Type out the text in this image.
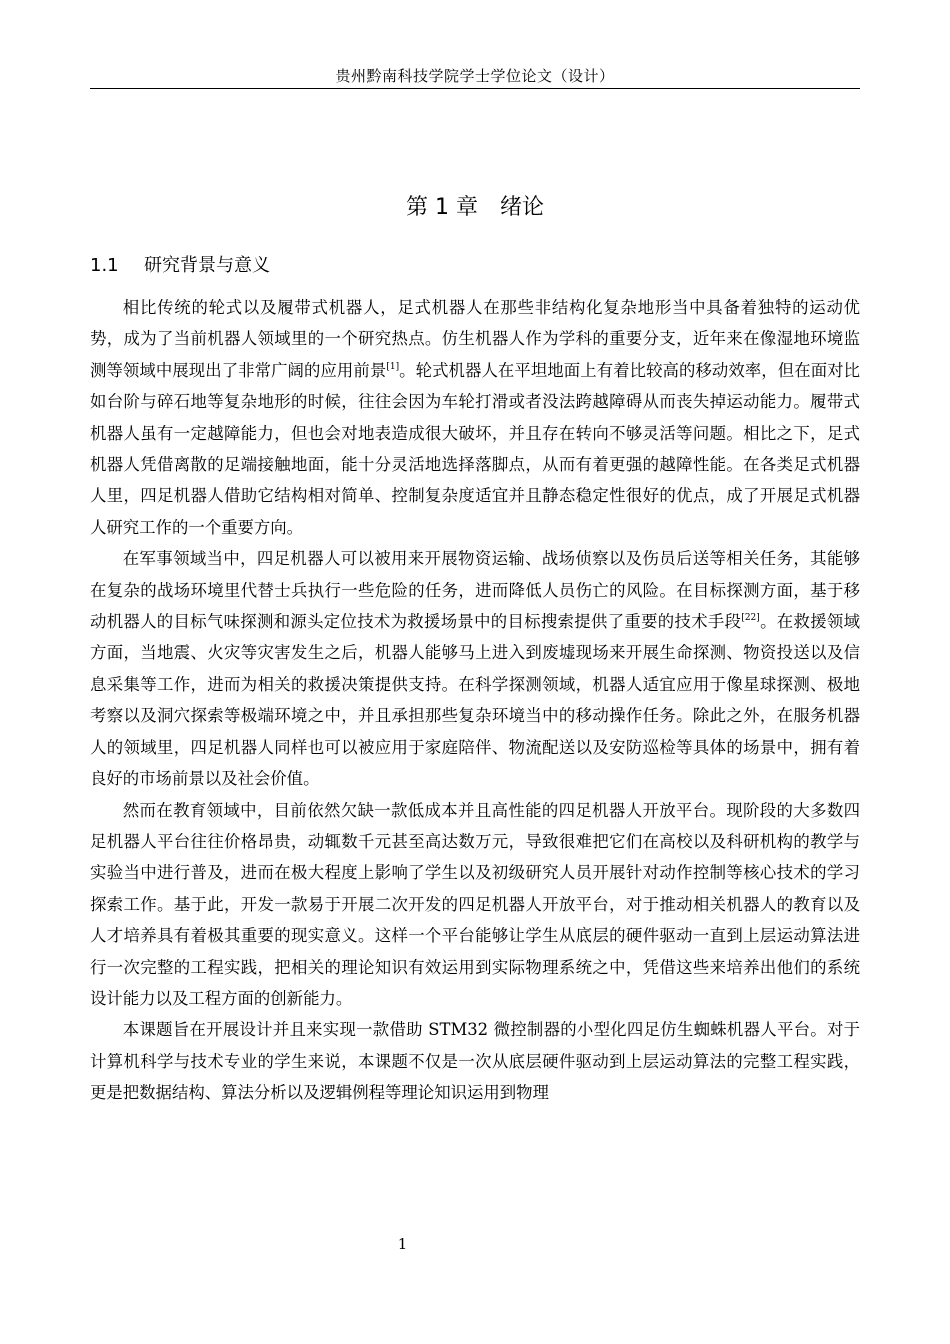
贵州黔南科技学院学士学位论文（设计）
第 1 章 绪论
1.1 研究背景与意义

相比传统的轮式以及履带式机器人，足式机器人在那些非结构化复杂地形当中具备着独特的运动优势，成为了当前机器人领域里的一个研究热点。仿生机器人作为学科的重要分支，近年来在像湿地环境监测等领域中展现出了非常广阔的应用前景[1]。轮式机器人在平坦地面上有着比较高的移动效率，但在面对比如台阶与碎石地等复杂地形的时候，往往会因为车轮打滑或者没法跨越障碍从而丧失掉运动能力。履带式机器人虽有一定越障能力，但也会对地表造成很大破坏，并且存在转向不够灵活等问题。相比之下，足式机器人凭借离散的足端接触地面，能十分灵活地选择落脚点，从而有着更强的越障性能。在各类足式机器人里，四足机器人借助它结构相对简单、控制复杂度适宜并且静态稳定性很好的优点，成了开展足式机器人研究工作的一个重要方向。

在军事领域当中，四足机器人可以被用来开展物资运输、战场侦察以及伤员后送等相关任务，其能够在复杂的战场环境里代替士兵执行一些危险的任务，进而降低人员伤亡的风险。在目标探测方面，基于移动机器人的目标气味探测和源头定位技术为救援场景中的目标搜索提供了重要的技术手段[22]。在救援领域方面，当地震、火灾等灾害发生之后，机器人能够马上进入到废墟现场来开展生命探测、物资投送以及信息采集等工作，进而为相关的救援决策提供支持。在科学探测领域，机器人适宜应用于像星球探测、极地考察以及洞穴探索等极端环境之中，并且承担那些复杂环境当中的移动操作任务。除此之外，在服务机器人的领域里，四足机器人同样也可以被应用于家庭陪伴、物流配送以及安防巡检等具体的场景中，拥有着良好的市场前景以及社会价值。

然而在教育领域中，目前依然欠缺一款低成本并且高性能的四足机器人开放平台。现阶段的大多数四足机器人平台往往价格昂贵，动辄数千元甚至高达数万元，导致很难把它们在高校以及科研机构的教学与实验当中进行普及，进而在极大程度上影响了学生以及初级研究人员开展针对动作控制等核心技术的学习探索工作。基于此，开发一款易于开展二次开发的四足机器人开放平台，对于推动相关机器人的教育以及人才培养具有着极其重要的现实意义。这样一个平台能够让学生从底层的硬件驱动一直到上层运动算法进行一次完整的工程实践，把相关的理论知识有效运用到实际物理系统之中，凭借这些来培养出他们的系统设计能力以及工程方面的创新能力。

本课题旨在开展设计并且来实现一款借助 STM32 微控制器的小型化四足仿生蜘蛛机器人平台。对于计算机科学与技术专业的学生来说，本课题不仅是一次从底层硬件驱动到上层运动算法的完整工程实践，更是把数据结构、算法分析以及逻辑例程等理论知识运用到物理

1
